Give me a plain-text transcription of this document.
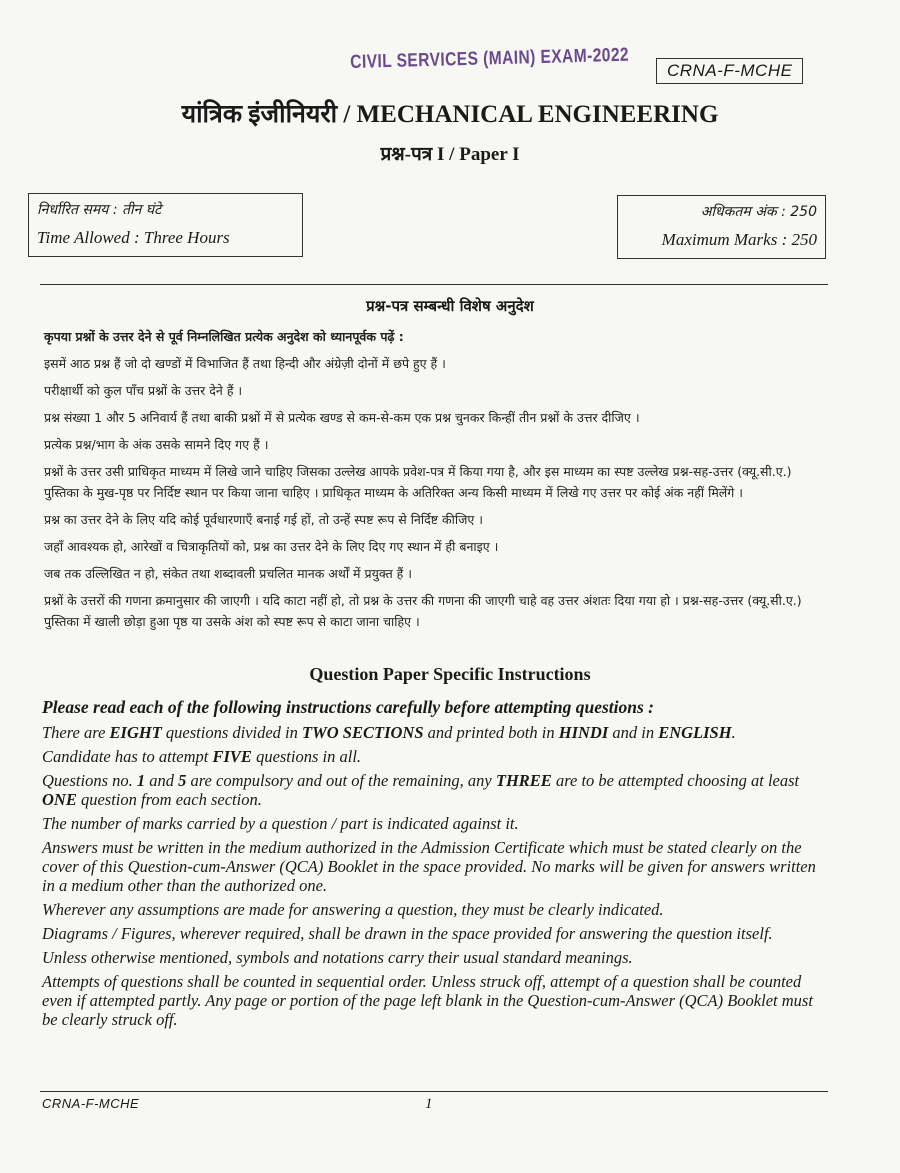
CIVIL SERVICES (MAIN) EXAM-2022	CRNA-F-MCHE
यांत्रिक इंजीनियरी / MECHANICAL ENGINEERING
प्रश्न-पत्र I / Paper I
निर्धारित समय : तीन घंटे
Time Allowed : Three Hours
अधिकतम अंक : 250
Maximum Marks : 250
प्रश्न-पत्र सम्बन्धी विशेष अनुदेश

कृपया प्रश्नों के उत्तर देने से पूर्व निम्नलिखित प्रत्येक अनुदेश को ध्यानपूर्वक पढ़ें :

इसमें आठ प्रश्न हैं जो दो खण्डों में विभाजित हैं तथा हिन्दी और अंग्रेज़ी दोनों में छपे हुए हैं ।

परीक्षार्थी को कुल पाँच प्रश्नों के उत्तर देने हैं ।

प्रश्न संख्या 1 और 5 अनिवार्य हैं तथा बाकी प्रश्नों में से प्रत्येक खण्ड से कम-से-कम एक प्रश्न चुनकर किन्हीं तीन प्रश्नों के उत्तर दीजिए ।

प्रत्येक प्रश्न/भाग के अंक उसके सामने दिए गए हैं ।

प्रश्नों के उत्तर उसी प्राधिकृत माध्यम में लिखे जाने चाहिए जिसका उल्लेख आपके प्रवेश-पत्र में किया गया है, और इस माध्यम का स्पष्ट उल्लेख प्रश्न-सह-उत्तर (क्यू.सी.ए.) पुस्तिका के मुख-पृष्ठ पर निर्दिष्ट स्थान पर किया जाना चाहिए । प्राधिकृत माध्यम के अतिरिक्त अन्य किसी माध्यम में लिखे गए उत्तर पर कोई अंक नहीं मिलेंगे ।

प्रश्न का उत्तर देने के लिए यदि कोई पूर्वधारणाएँ बनाई गई हों, तो उन्हें स्पष्ट रूप से निर्दिष्ट कीजिए ।

जहाँ आवश्यक हो, आरेखों व चित्राकृतियों को, प्रश्न का उत्तर देने के लिए दिए गए स्थान में ही बनाइए ।

जब तक उल्लिखित न हो, संकेत तथा शब्दावली प्रचलित मानक अर्थों में प्रयुक्त हैं ।

प्रश्नों के उत्तरों की गणना क्रमानुसार की जाएगी । यदि काटा नहीं हो, तो प्रश्न के उत्तर की गणना की जाएगी चाहे वह उत्तर अंशतः दिया गया हो । प्रश्न-सह-उत्तर (क्यू.सी.ए.) पुस्तिका में खाली छोड़ा हुआ पृष्ठ या उसके अंश को स्पष्ट रूप से काटा जाना चाहिए ।

Question Paper Specific Instructions

Please read each of the following instructions carefully before attempting questions :

There are EIGHT questions divided in TWO SECTIONS and printed both in HINDI and in ENGLISH.

Candidate has to attempt FIVE questions in all.

Questions no. 1 and 5 are compulsory and out of the remaining, any THREE are to be attempted choosing at least ONE question from each section.

The number of marks carried by a question / part is indicated against it.

Answers must be written in the medium authorized in the Admission Certificate which must be stated clearly on the cover of this Question-cum-Answer (QCA) Booklet in the space provided. No marks will be given for answers written in a medium other than the authorized one.

Wherever any assumptions are made for answering a question, they must be clearly indicated.

Diagrams / Figures, wherever required, shall be drawn in the space provided for answering the question itself.

Unless otherwise mentioned, symbols and notations carry their usual standard meanings.

Attempts of questions shall be counted in sequential order. Unless struck off, attempt of a question shall be counted even if attempted partly. Any page or portion of the page left blank in the Question-cum-Answer (QCA) Booklet must be clearly struck off.

CRNA-F-MCHE	1
